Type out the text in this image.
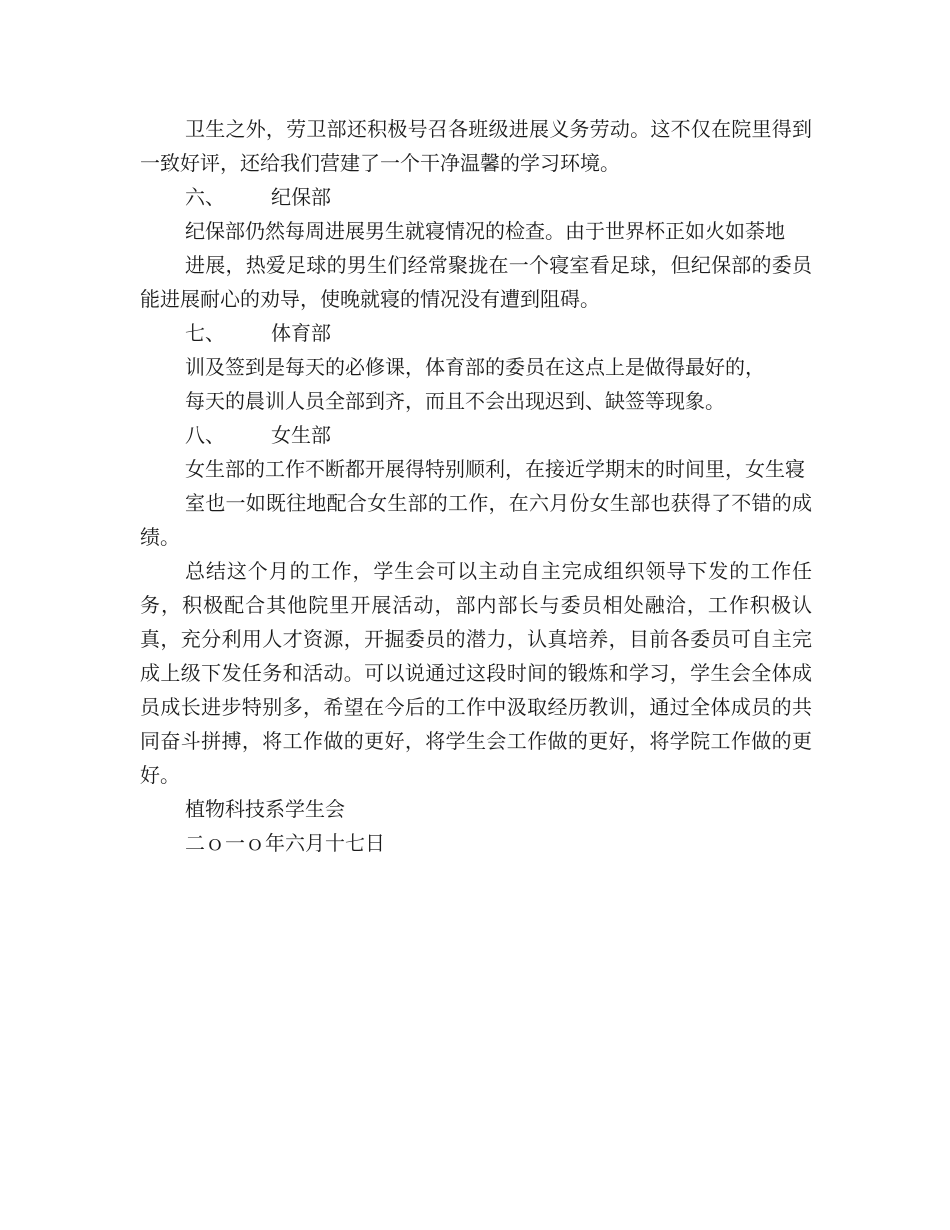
卫生之外，劳卫部还积极号召各班级进展义务劳动。这不仅在院里得到一致好评，还给我们营建了一个干净温馨的学习环境。

六、 纪保部

纪保部仍然每周进展男生就寝情况的检查。由于世界杯正如火如荼地

进展，热爱足球的男生们经常聚拢在一个寝室看足球，但纪保部的委员能进展耐心的劝导，使晚就寝的情况没有遭到阻碍。

七、 体育部

训及签到是每天的必修课，体育部的委员在这点上是做得最好的，

每天的晨训人员全部到齐，而且不会出现迟到、缺签等现象。

八、 女生部

女生部的工作不断都开展得特别顺利，在接近学期末的时间里，女生寝

室也一如既往地配合女生部的工作，在六月份女生部也获得了不错的成绩。

总结这个月的工作，学生会可以主动自主完成组织领导下发的工作任务，积极配合其他院里开展活动，部内部长与委员相处融洽，工作积极认真，充分利用人才资源，开掘委员的潜力，认真培养，目前各委员可自主完成上级下发任务和活动。可以说通过这段时间的锻炼和学习，学生会全体成员成长进步特别多，希望在今后的工作中汲取经历教训，通过全体成员的共同奋斗拼搏，将工作做的更好，将学生会工作做的更好，将学院工作做的更好。

植物科技系学生会

二ｏ一ｏ年六月十七日
